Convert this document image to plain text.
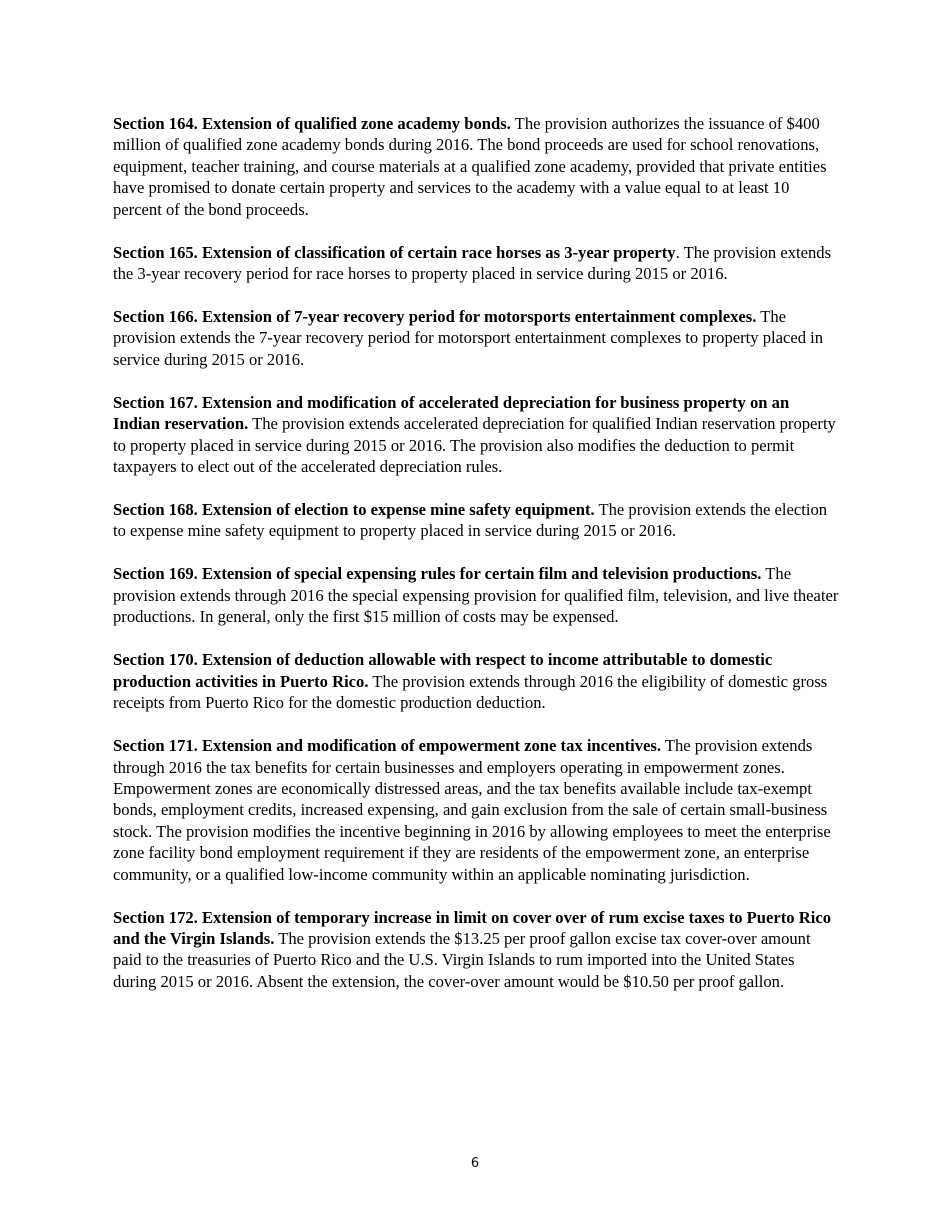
Section 164. Extension of qualified zone academy bonds. The provision authorizes the issuance of $400 million of qualified zone academy bonds during 2016. The bond proceeds are used for school renovations, equipment, teacher training, and course materials at a qualified zone academy, provided that private entities have promised to donate certain property and services to the academy with a value equal to at least 10 percent of the bond proceeds.

Section 165. Extension of classification of certain race horses as 3-year property. The provision extends the 3-year recovery period for race horses to property placed in service during 2015 or 2016.

Section 166. Extension of 7-year recovery period for motorsports entertainment complexes. The provision extends the 7-year recovery period for motorsport entertainment complexes to property placed in service during 2015 or 2016.

Section 167. Extension and modification of accelerated depreciation for business property on an Indian reservation. The provision extends accelerated depreciation for qualified Indian reservation property to property placed in service during 2015 or 2016. The provision also modifies the deduction to permit taxpayers to elect out of the accelerated depreciation rules.

Section 168. Extension of election to expense mine safety equipment. The provision extends the election to expense mine safety equipment to property placed in service during 2015 or 2016.

Section 169. Extension of special expensing rules for certain film and television productions. The provision extends through 2016 the special expensing provision for qualified film, television, and live theater productions. In general, only the first $15 million of costs may be expensed.

Section 170. Extension of deduction allowable with respect to income attributable to domestic production activities in Puerto Rico. The provision extends through 2016 the eligibility of domestic gross receipts from Puerto Rico for the domestic production deduction.

Section 171. Extension and modification of empowerment zone tax incentives. The provision extends through 2016 the tax benefits for certain businesses and employers operating in empowerment zones. Empowerment zones are economically distressed areas, and the tax benefits available include tax-exempt bonds, employment credits, increased expensing, and gain exclusion from the sale of certain small-business stock. The provision modifies the incentive beginning in 2016 by allowing employees to meet the enterprise zone facility bond employment requirement if they are residents of the empowerment zone, an enterprise community, or a qualified low-income community within an applicable nominating jurisdiction.

Section 172. Extension of temporary increase in limit on cover over of rum excise taxes to Puerto Rico and the Virgin Islands. The provision extends the $13.25 per proof gallon excise tax cover-over amount paid to the treasuries of Puerto Rico and the U.S. Virgin Islands to rum imported into the United States during 2015 or 2016. Absent the extension, the cover-over amount would be $10.50 per proof gallon.

6
